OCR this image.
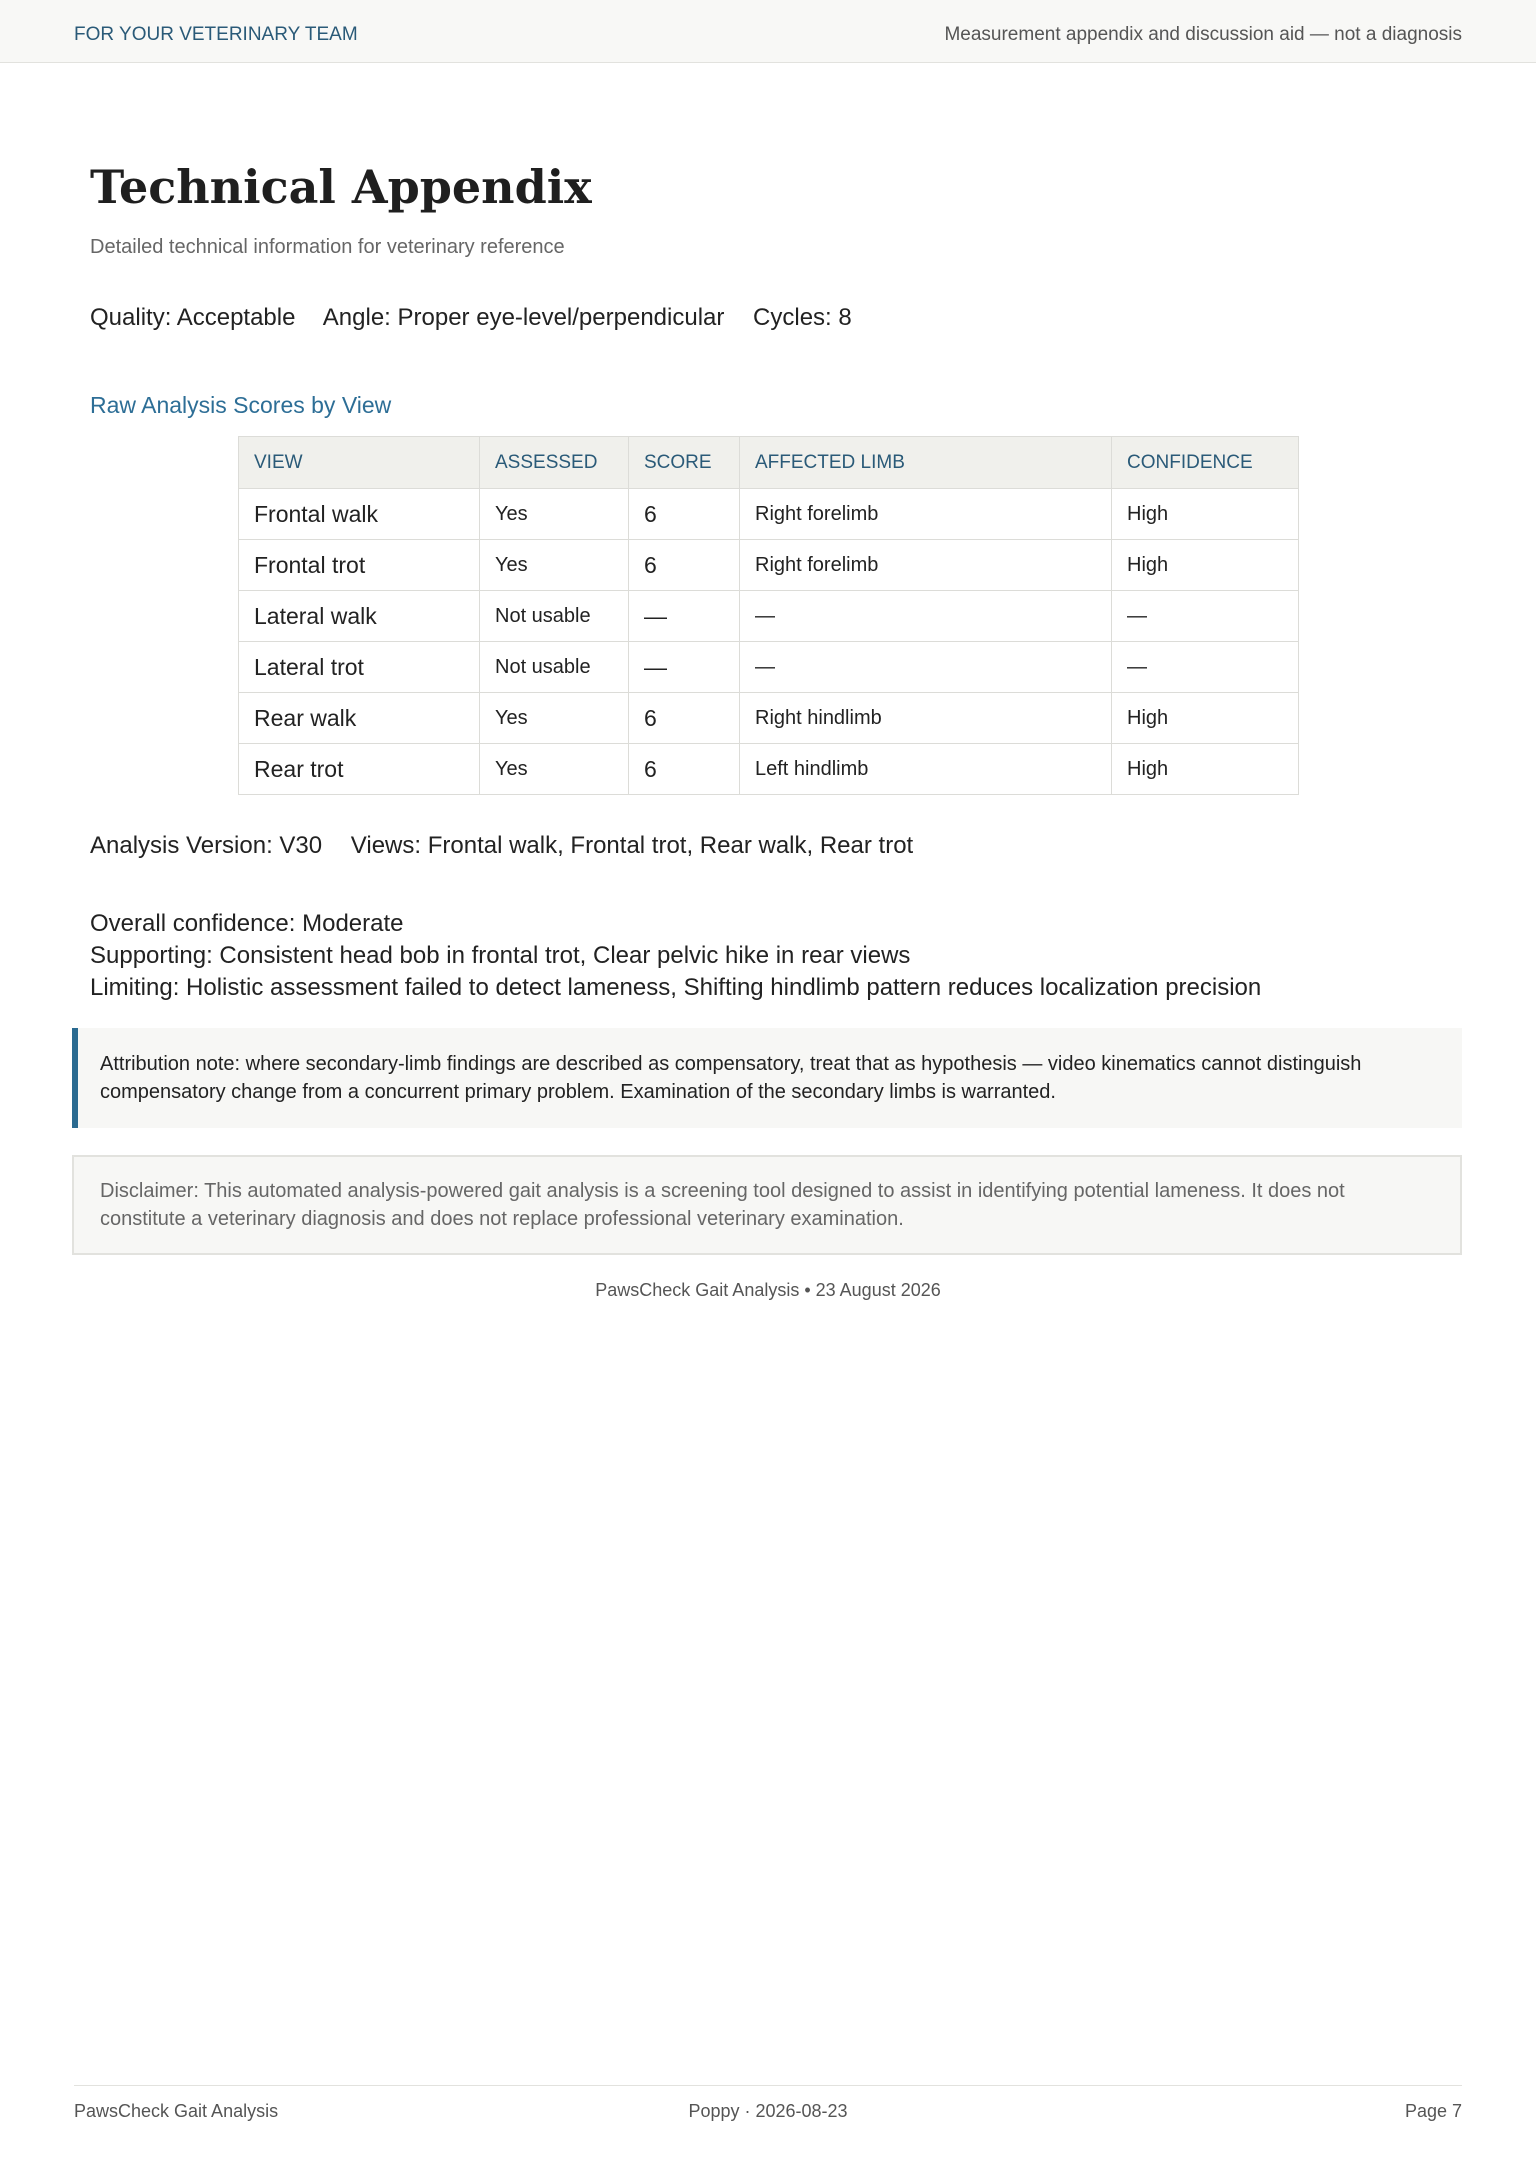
FOR YOUR VETERINARY TEAM	Measurement appendix and discussion aid — not a diagnosis
Technical Appendix
Detailed technical information for veterinary reference
Quality: Acceptable Angle: Proper eye-level/perpendicular Cycles: 8
Raw Analysis Scores by View
Analysis Version: V30 Views: Frontal walk, Frontal trot, Rear walk, Rear trot
Overall confidence: Moderate
Supporting: Consistent head bob in frontal trot, Clear pelvic hike in rear views
Limiting: Holistic assessment failed to detect lameness, Shifting hindlimb pattern reduces localization precision
VIEW	ASSESSED	SCORE	AFFECTED LIMB	CONFIDENCE
Frontal walk	Yes	6	Right forelimb	High
Frontal trot	Yes	6	Right forelimb	High
Lateral walk	Not usable	—	—	—
Lateral trot	Not usable	—	—	—
Rear walk	Yes	6	Right hindlimb	High
Rear trot	Yes	6	Left hindlimb	High
Attribution note: where secondary-limb findings are described as compensatory, treat that as hypothesis — video kinematics cannot distinguish compensatory change from a concurrent primary problem. Examination of the secondary limbs is warranted.
Disclaimer: This automated analysis-powered gait analysis is a screening tool designed to assist in identifying potential lameness. It does not constitute a veterinary diagnosis and does not replace professional veterinary examination.
PawsCheck Gait Analysis • 23 August 2026
PawsCheck Gait Analysis	Poppy · 2026-08-23	Page 7
